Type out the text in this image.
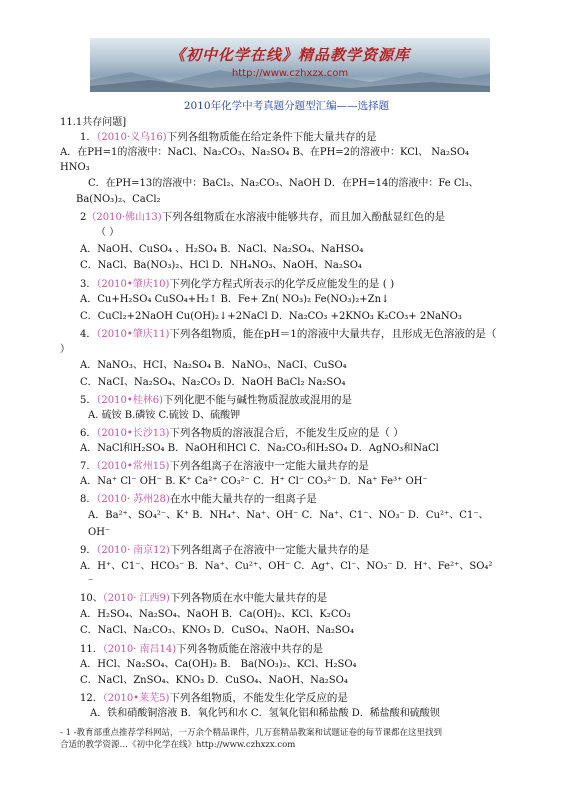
《初中化学在线》精品教学资源库
http://www.czhxzx.com
2010年化学中考真题分题型汇编——选择题
11.1共存问题]
1．（2010·义乌16)下列各组物质能在给定条件下能大量共存的是
A．在PH=1的溶液中：NaCl、Na₂CO₃、Na₂SO₄ B、在PH=2的溶液中：KCl、 Na₂SO₄
HNO₃
C．在PH=13的溶液中：BaCl₂、Na₂CO₃、NaOH D．在PH=14的溶液中：Fe Cl₃、
Ba(NO₃)₂、CaCl₂
2（2010·佛山13)下列各组物质在水溶液中能够共存，而且加入酚酞显红色的是
（ ）
A．NaOH、CuSO₄ 、H₂SO₄ B．NaCl、Na₂SO₄、NaHSO₄
C．NaCl、Ba(NO₃)₂、HCl D．NH₄NO₃、NaOH、Na₂SO₄
3．（2010•肇庆10)下列化学方程式所表示的化学反应能发生的是 ( )
A．Cu+H₂SO₄ CuSO₄+H₂↑ B．Fe+ Zn( NO₃)₂ Fe(NO₃)₂+Zn↓
C．CuCl₂+2NaOH Cu(OH)₂↓+2NaCl D．Na₂CO₃ +2KNO₃ K₂CO₃+ 2NaNO₃
4．（2010•肇庆11)下列各组物质，能在pH＝1的溶液中大量共存，且形成无色溶液的是（
）
A．NaNO₃、HCI、Na₂SO₄ B．NaNO₃、NaCI、CuSO₄
C．NaCI、Na₂SO₄、Na₂CO₃ D．NaOH BaCl₂ Na₂SO₄
5．（2010•桂林6)下列化肥不能与碱性物质混放或混用的是
A. 硫铵 B.磷铵 C.硫铵 D、硫酸钾
6．（2010•长沙13)下列各物质的溶液混合后，不能发生反应的是（ ）
A．NaCl和H₂SO₄ B．NaOH和HCl C．Na₂CO₃和H₂SO₄ D．AgNO₃和NaCl
7．（2010•常州15)下列各组离子在溶液中一定能大量共存的是
A．Na⁺ Cl⁻ OH⁻ B. K⁺ Ca²⁺ CO₃²⁻ C．H⁺ Cl⁻ CO₃²⁻ D．Na⁺ Fe³⁺ OH⁻
8．（2010· 苏州28)在水中能大量共存的一组离子是
A．Ba²⁺、SO₄²⁻、K⁺ B．NH₄⁺、Na⁺、OH⁻ C．Na⁺、C1⁻、NO₃⁻ D．Cu²⁺、C1⁻、
OH⁻
9．（2010· 南京12)下列各组离子在溶液中一定能大量共存的是
A．H⁺、C1⁻、HCO₃⁻ B．Na⁺、Cu²⁺、OH⁻ C．Ag⁺、Cl⁻、NO₃⁻ D．H⁺、Fe²⁺、SO₄²
⁻
10、（2010· 江西9)下列各物质在水中能大量共存的是
A．H₂SO₄、Na₂SO₄、NaOH B．Ca(OH)₂、KCl、K₂CO₃
C．NaCl、Na₂CO₃、KNO₃ D．CuSO₄、NaOH、Na₂SO₄
11．（2010· 南昌14)下列各物质能在溶液中共存的是
A．HCl、Na₂SO₄、Ca(OH)₂ B． Ba(NO₃)₂、KCl、H₂SO₄
C．NaCl、ZnSO₄、KNO₃ D．CuSO₄、NaOH、Na₂SO₄
12．（2010•莱芜5)下列各组物质，不能发生化学反应的是
A．铁和硝酸铜溶液 B．氧化钙和水 C．氢氧化铝和稀盐酸 D．稀盐酸和硫酸钡
- 1 -教育部重点推荐学科网站，一万余个精品课件，几万套精品教案和试题证卷的每节课都在这里找到
合适的教学资源…《初中化学在线》http://www.czhxzx.com
